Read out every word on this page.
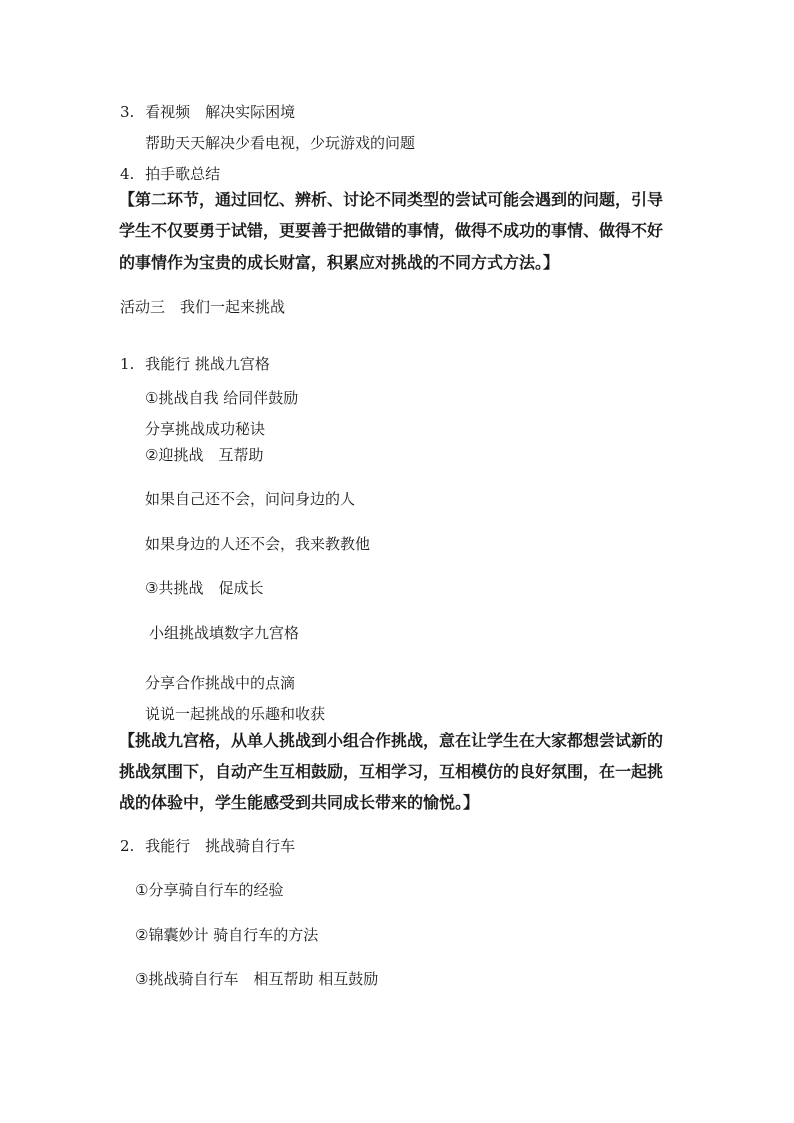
3. 看视频　解决实际困境
帮助天天解决少看电视，少玩游戏的问题
4. 拍手歌总结
【第二环节，通过回忆、辨析、讨论不同类型的尝试可能会遇到的问题，引导
学生不仅要勇于试错，更要善于把做错的事情，做得不成功的事情、做得不好
的事情作为宝贵的成长财富，积累应对挑战的不同方式方法。】
活动三　我们一起来挑战
1. 我能行 挑战九宫格
①挑战自我 给同伴鼓励
分享挑战成功秘诀
②迎挑战　互帮助
如果自己还不会，问问身边的人
如果身边的人还不会，我来教教他
③共挑战　促成长
小组挑战填数字九宫格
分享合作挑战中的点滴
说说一起挑战的乐趣和收获
【挑战九宫格，从单人挑战到小组合作挑战，意在让学生在大家都想尝试新的
挑战氛围下，自动产生互相鼓励，互相学习，互相模仿的良好氛围，在一起挑
战的体验中，学生能感受到共同成长带来的愉悦。】
2. 我能行　挑战骑自行车
①分享骑自行车的经验
②锦囊妙计 骑自行车的方法
③挑战骑自行车　相互帮助 相互鼓励
